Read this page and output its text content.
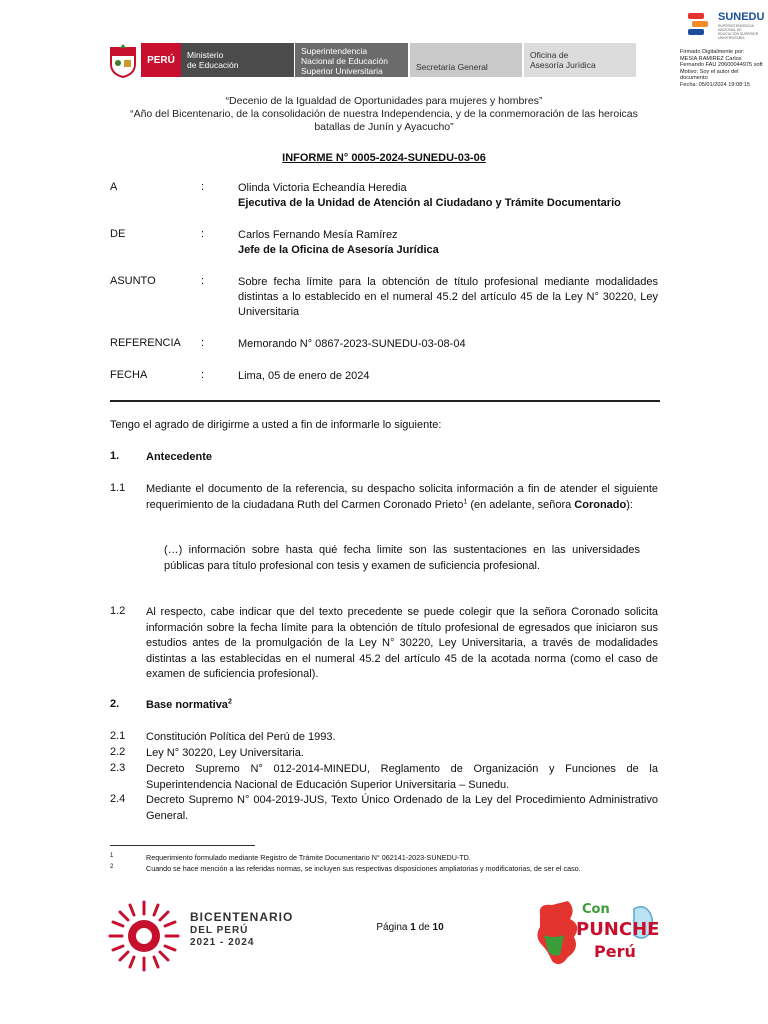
PERÚ	Ministerio
de Educación
Superintendencia
Nacional de Educación
Superior Universitaria	Secretaría General
Oficina de
Asesoría Jurídica
SUNEDU
SUPERINTENDENCIA NACIONAL DE EDUCACIÓN SUPERIOR UNIVERSITARIA
Firmado Digitalmente por:
MESIA RAMIREZ Carlos
Fernando FAU 20600044975 soft
Motivo: Soy el autor del
documento
Fecha: 05/01/2024 19:08:15
“Decenio de la Igualdad de Oportunidades para mujeres y hombres”
“Año del Bicentenario, de la consolidación de nuestra Independencia, y de la conmemoración de las heroicas
batallas de Junín y Ayacucho”
INFORME N° 0005-2024-SUNEDU-03-06
A	:	Olinda Victoria Echeandía Heredia
Ejecutiva de la Unidad de Atención al Ciudadano y Trámite Documentario
DE	:	Carlos Fernando Mesía Ramírez
Jefe de la Oficina de Asesoría Jurídica
ASUNTO	:	Sobre fecha límite para la obtención de título profesional mediante modalidades distintas a lo establecido en el numeral 45.2 del artículo 45 de la Ley N° 30220, Ley Universitaria
REFERENCIA :	Memorando N° 0867-2023-SUNEDU-03-08-04
FECHA	:	Lima, 05 de enero de 2024
Tengo el agrado de dirigirme a usted a fin de informarle lo siguiente:
1. Antecedente
1.1 Mediante el documento de la referencia, su despacho solicita información a fin de atender el siguiente requerimiento de la ciudadana Ruth del Carmen Coronado Prieto$^1$ (en adelante, señora Coronado):
(…) información sobre hasta qué fecha limite son las sustentaciones en las universidades públicas para título profesional con tesis y examen de suficiencia profesional.
1.2 Al respecto, cabe indicar que del texto precedente se puede colegir que la señora Coronado solicita información sobre la fecha límite para la obtención de título profesional de egresados que iniciaron sus estudios antes de la promulgación de la Ley N° 30220, Ley Universitaria, a través de modalidades distintas a las establecidas en el numeral 45.2 del artículo 45 de la acotada norma (como el caso de examen de suficiencia profesional).
2. Base normativa$^2$
2.1 Constitución Política del Perú de 1993.
2.2 Ley N° 30220, Ley Universitaria.
2.3 Decreto Supremo N° 012-2014-MINEDU, Reglamento de Organización y Funciones de la Superintendencia Nacional de Educación Superior Universitaria – Sunedu.
2.4 Decreto Supremo N° 004-2019-JUS, Texto Único Ordenado de la Ley del Procedimiento Administrativo General.
1	Requerimiento formulado mediante Registro de Trámite Documentario N° 062141-2023-SUNEDU-TD.
2	Cuando se hace mención a las referidas normas, se incluyen sus respectivas disposiciones ampliatorias y modificatorias, de ser el caso.
BICENTENARIO
DEL PERÚ
2021 - 2024
Página 1 de 10
Con
PUNCHE
Perú
